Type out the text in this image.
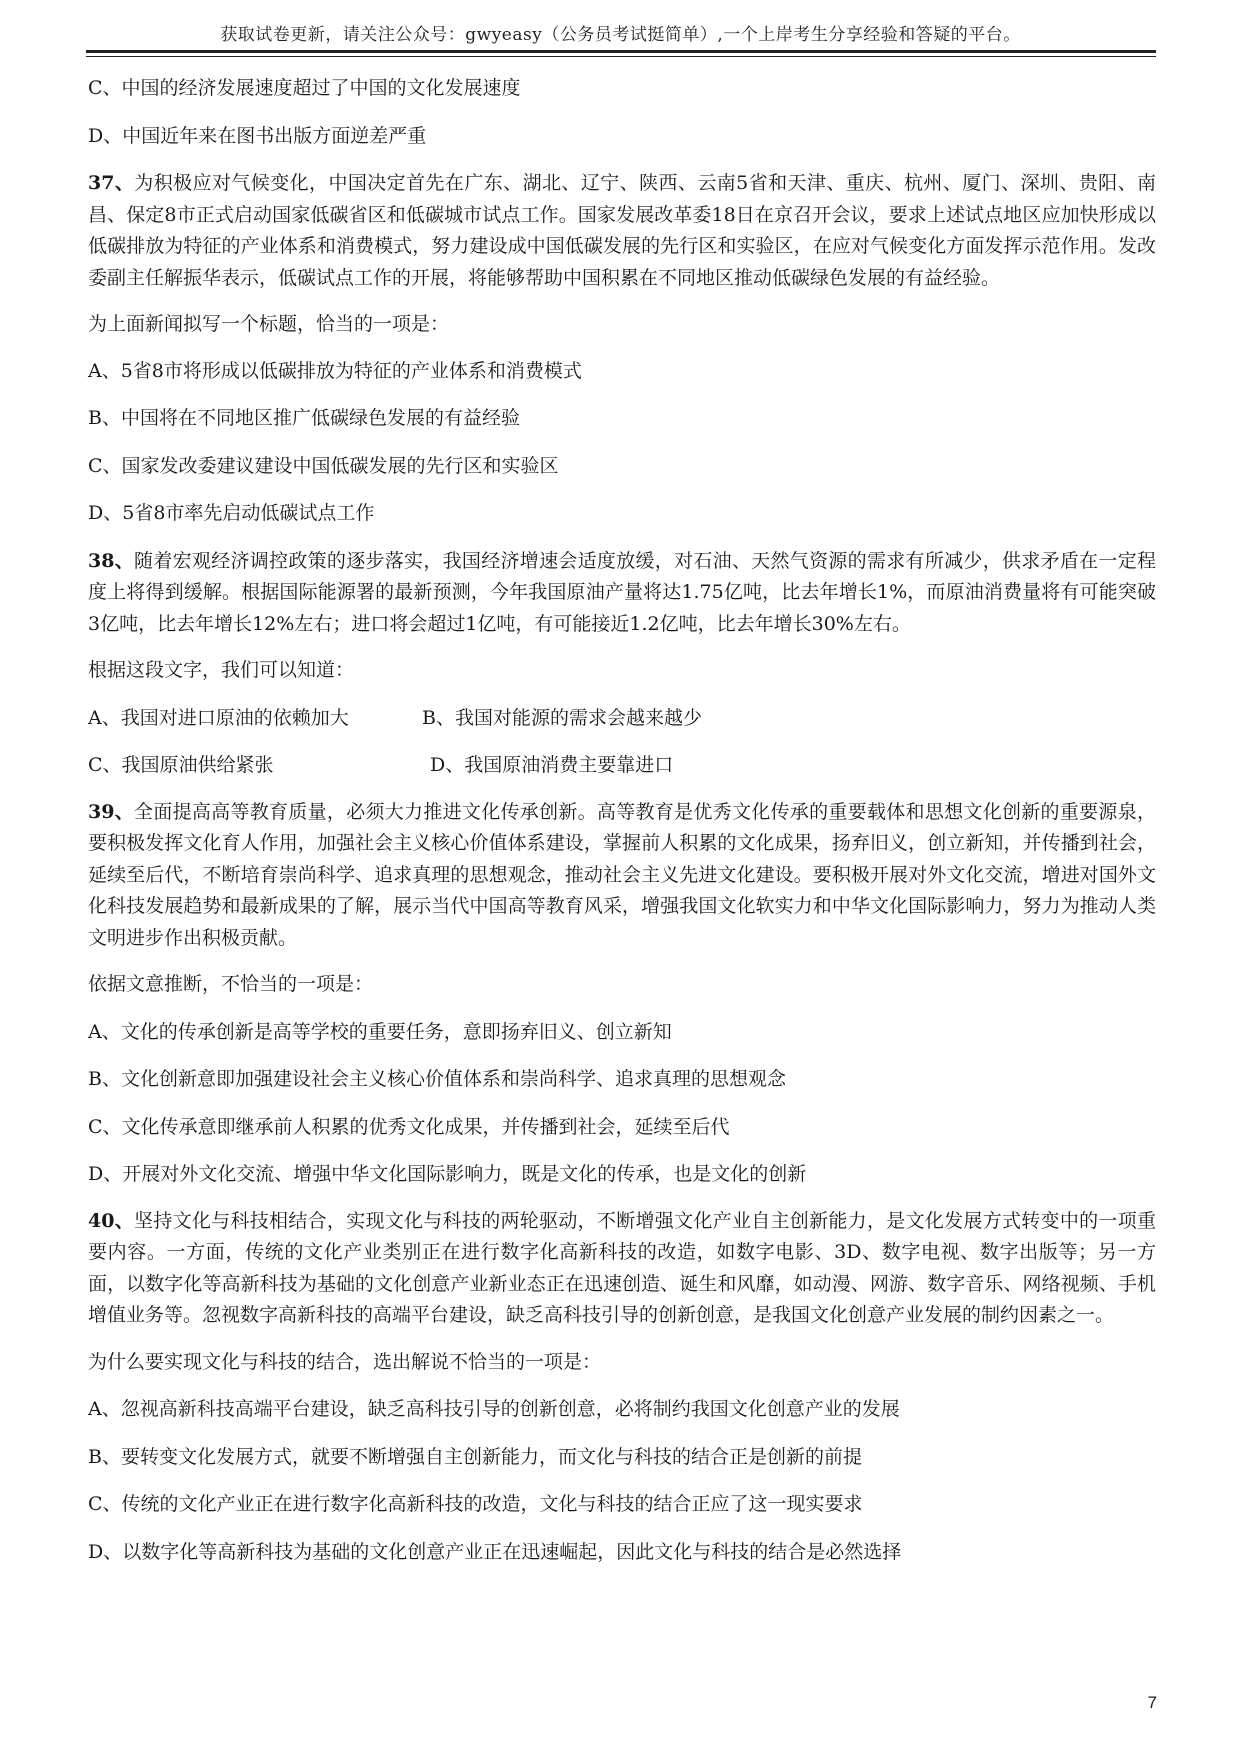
获取试卷更新，请关注公众号：gwyeasy（公务员考试挺简单）,一个上岸考生分享经验和答疑的平台。

C、中国的经济发展速度超过了中国的文化发展速度

D、中国近年来在图书出版方面逆差严重

37、为积极应对气候变化，中国决定首先在广东、湖北、辽宁、陕西、云南5省和天津、重庆、杭州、厦门、深圳、贵阳、南昌、保定8市正式启动国家低碳省区和低碳城市试点工作。国家发展改革委18日在京召开会议，要求上述试点地区应加快形成以低碳排放为特征的产业体系和消费模式，努力建设成中国低碳发展的先行区和实验区，在应对气候变化方面发挥示范作用。发改委副主任解振华表示，低碳试点工作的开展，将能够帮助中国积累在不同地区推动低碳绿色发展的有益经验。

为上面新闻拟写一个标题，恰当的一项是：

A、5省8市将形成以低碳排放为特征的产业体系和消费模式

B、中国将在不同地区推广低碳绿色发展的有益经验

C、国家发改委建议建设中国低碳发展的先行区和实验区

D、5省8市率先启动低碳试点工作

38、随着宏观经济调控政策的逐步落实，我国经济增速会适度放缓，对石油、天然气资源的需求有所减少，供求矛盾在一定程度上将得到缓解。根据国际能源署的最新预测，今年我国原油产量将达1.75亿吨，比去年增长1%，而原油消费量将有可能突破3亿吨，比去年增长12%左右；进口将会超过1亿吨，有可能接近1.2亿吨，比去年增长30%左右。

根据这段文字，我们可以知道：

A、我国对进口原油的依赖加大	B、我国对能源的需求会越来越少
C、我国原油供给紧张	D、我国原油消费主要靠进口

39、全面提高高等教育质量，必须大力推进文化传承创新。高等教育是优秀文化传承的重要载体和思想文化创新的重要源泉，要积极发挥文化育人作用，加强社会主义核心价值体系建设，掌握前人积累的文化成果，扬弃旧义，创立新知，并传播到社会，延续至后代，不断培育崇尚科学、追求真理的思想观念，推动社会主义先进文化建设。要积极开展对外文化交流，增进对国外文化科技发展趋势和最新成果的了解，展示当代中国高等教育风采，增强我国文化软实力和中华文化国际影响力，努力为推动人类文明进步作出积极贡献。

依据文意推断，不恰当的一项是：

A、文化的传承创新是高等学校的重要任务，意即扬弃旧义、创立新知

B、文化创新意即加强建设社会主义核心价值体系和崇尚科学、追求真理的思想观念

C、文化传承意即继承前人积累的优秀文化成果，并传播到社会，延续至后代

D、开展对外文化交流、增强中华文化国际影响力，既是文化的传承，也是文化的创新

40、坚持文化与科技相结合，实现文化与科技的两轮驱动，不断增强文化产业自主创新能力，是文化发展方式转变中的一项重要内容。一方面，传统的文化产业类别正在进行数字化高新科技的改造，如数字电影、3D、数字电视、数字出版等；另一方面，以数字化等高新科技为基础的文化创意产业新业态正在迅速创造、诞生和风靡，如动漫、网游、数字音乐、网络视频、手机增值业务等。忽视数字高新科技的高端平台建设，缺乏高科技引导的创新创意，是我国文化创意产业发展的制约因素之一。

为什么要实现文化与科技的结合，选出解说不恰当的一项是：

A、忽视高新科技高端平台建设，缺乏高科技引导的创新创意，必将制约我国文化创意产业的发展

B、要转变文化发展方式，就要不断增强自主创新能力，而文化与科技的结合正是创新的前提

C、传统的文化产业正在进行数字化高新科技的改造，文化与科技的结合正应了这一现实要求

D、以数字化等高新科技为基础的文化创意产业正在迅速崛起，因此文化与科技的结合是必然选择

7
